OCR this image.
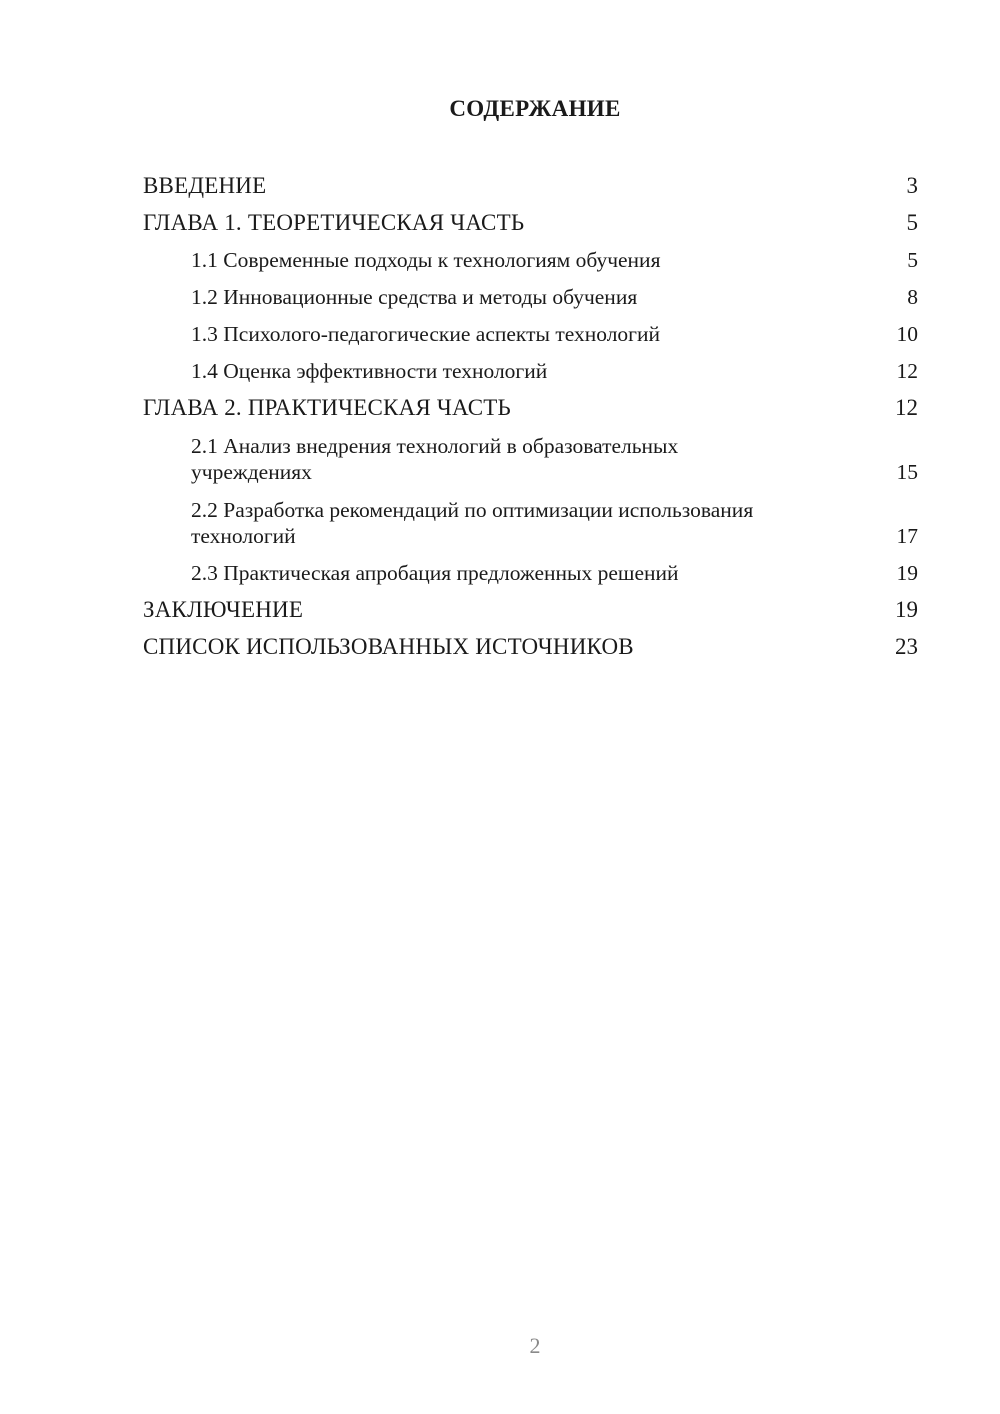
СОДЕРЖАНИЕ
ВВЕДЕНИЕ	3
ГЛАВА 1. ТЕОРЕТИЧЕСКАЯ ЧАСТЬ	5
1.1 Современные подходы к технологиям обучения	5
1.2 Инновационные средства и методы обучения	8
1.3 Психолого-педагогические аспекты технологий	10
1.4 Оценка эффективности технологий	12
ГЛАВА 2. ПРАКТИЧЕСКАЯ ЧАСТЬ	12
2.1 Анализ внедрения технологий в образовательных учреждениях	15
2.2 Разработка рекомендаций по оптимизации использования технологий	17
2.3 Практическая апробация предложенных решений	19
ЗАКЛЮЧЕНИЕ	19
СПИСОК ИСПОЛЬЗОВАННЫХ ИСТОЧНИКОВ	23
2
